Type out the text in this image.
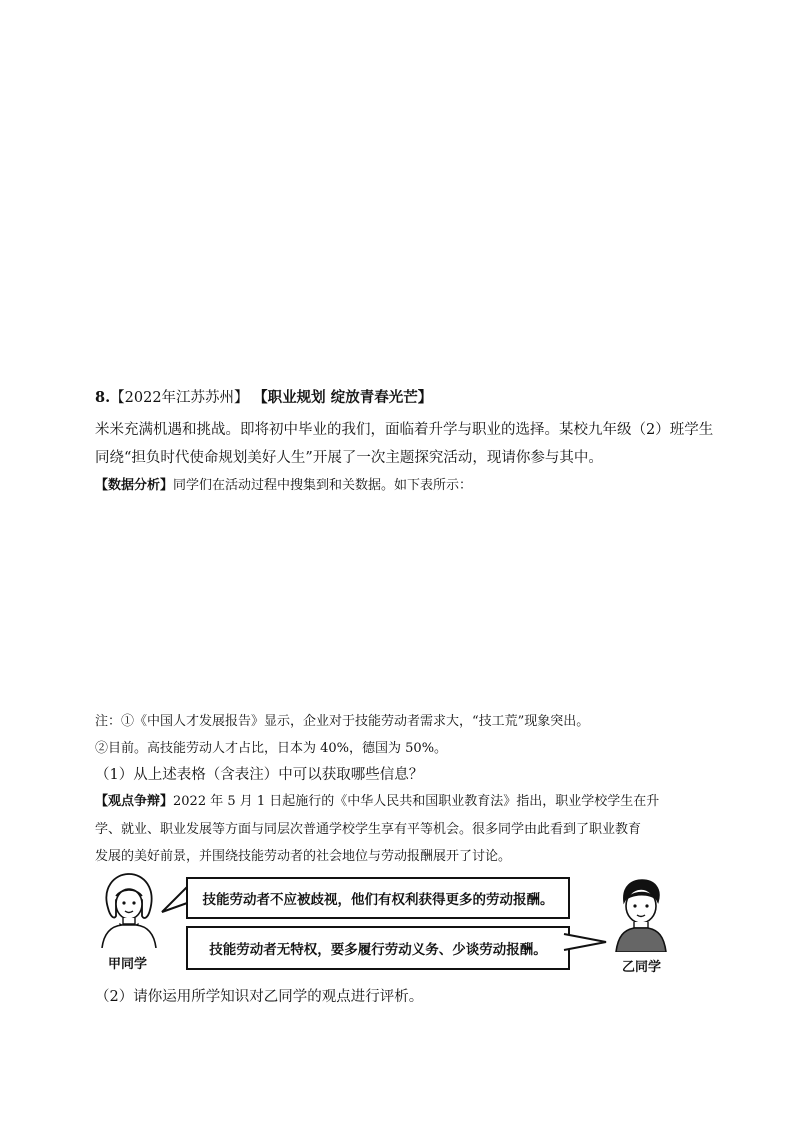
8.【2022年江苏苏州】 【职业规划 绽放青春光芒】
米米充满机遇和挑战。即将初中毕业的我们，面临着升学与职业的选择。某校九年级（2）班学生
同绕“担负时代使命规划美好人生”开展了一次主题探究活动，现请你参与其中。
【数据分析】同学们在活动过程中搜集到和关数据。如下表所示：
注：①《中国人才发展报告》显示，企业对于技能劳动者需求大，“技工荒”现象突出。
②目前。高技能劳动人才占比，日本为 40%，德国为 50%。
（1）从上述表格（含表注）中可以获取哪些信息？
【观点争辩】2022 年 5 月 1 日起施行的《中华人民共和国职业教育法》指出，职业学校学生在升
学、就业、职业发展等方面与同层次普通学校学生享有平等机会。很多同学由此看到了职业教育
发展的美好前景，并围绕技能劳动者的社会地位与劳动报酬展开了讨论。
甲同学
技能劳动者不应被歧视，他们有权利获得更多的劳动报酬。
技能劳动者无特权，要多履行劳动义务、少谈劳动报酬。
乙同学
（2）请你运用所学知识对乙同学的观点进行评析。
